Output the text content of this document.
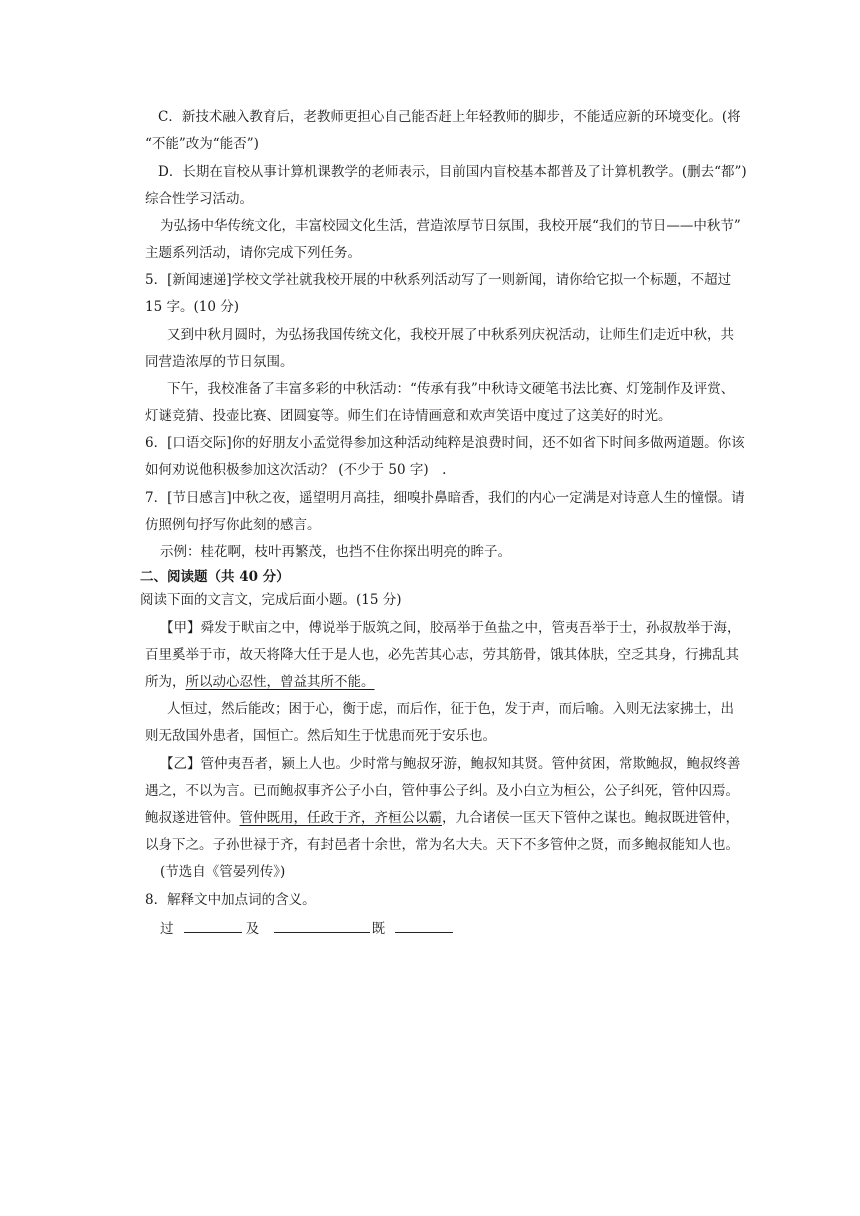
C．新技术融入教育后，老教师更担心自己能否赶上年轻教师的脚步，不能适应新的环境变化。(将
“不能”改为“能否”)
D．长期在盲校从事计算机课教学的老师表示，目前国内盲校基本都普及了计算机教学。(删去“都”)
综合性学习活动。
为弘扬中华传统文化，丰富校园文化生活，营造浓厚节日氛围，我校开展“我们的节日——中秋节”
主题系列活动，请你完成下列任务。
5．[新闻速递]学校文学社就我校开展的中秋系列活动写了一则新闻，请你给它拟一个标题，不超过
15 字。(10 分)
又到中秋月圆时，为弘扬我国传统文化，我校开展了中秋系列庆祝活动，让师生们走近中秋，共
同营造浓厚的节日氛围。
下午，我校准备了丰富多彩的中秋活动：“传承有我”中秋诗文硬笔书法比赛、灯笼制作及评赏、
灯谜竞猜、投壶比赛、团圆宴等。师生们在诗情画意和欢声笑语中度过了这美好的时光。
6．[口语交际]你的好朋友小孟觉得参加这种活动纯粹是浪费时间，还不如省下时间多做两道题。你该
如何劝说他积极参加这次活动？ (不少于 50 字)　.
7．[节日感言]中秋之夜，遥望明月高挂，细嗅扑鼻暗香，我们的内心一定满是对诗意人生的憧憬。请
仿照例句抒写你此刻的感言。
示例：桂花啊，枝叶再繁茂，也挡不住你探出明亮的眸子。
二、阅读题（共 40 分）
阅读下面的文言文，完成后面小题。(15 分)
【甲】舜发于畎亩之中，傅说举于版筑之间，胶鬲举于鱼盐之中，管夷吾举于士，孙叔敖举于海，
百里奚举于市，故天将降大任于是人也，必先苦其心志，劳其筋骨，饿其体肤，空乏其身，行拂乱其
所为，所以动心忍性，曾益其所不能。
人恒过，然后能改；困于心，衡于虑，而后作，征于色，发于声，而后喻。入则无法家拂士，出
则无敌国外患者，国恒亡。然后知生于忧患而死于安乐也。
【乙】管仲夷吾者，颍上人也。少时常与鲍叔牙游，鲍叔知其贤。管仲贫困，常欺鲍叔，鲍叔终善
遇之，不以为言。已而鲍叔事齐公子小白，管仲事公子纠。及小白立为桓公，公子纠死，管仲囚焉。
鲍叔遂进管仲。管仲既用，任政于齐，齐桓公以霸，九合诸侯一匡天下管仲之谋也。鲍叔既进管仲，
以身下之。子孙世禄于齐，有封邑者十余世，常为名大夫。天下不多管仲之贤，而多鲍叔能知人也。
(节选自《管晏列传》)
8．解释文中加点词的含义。
过	及	既
